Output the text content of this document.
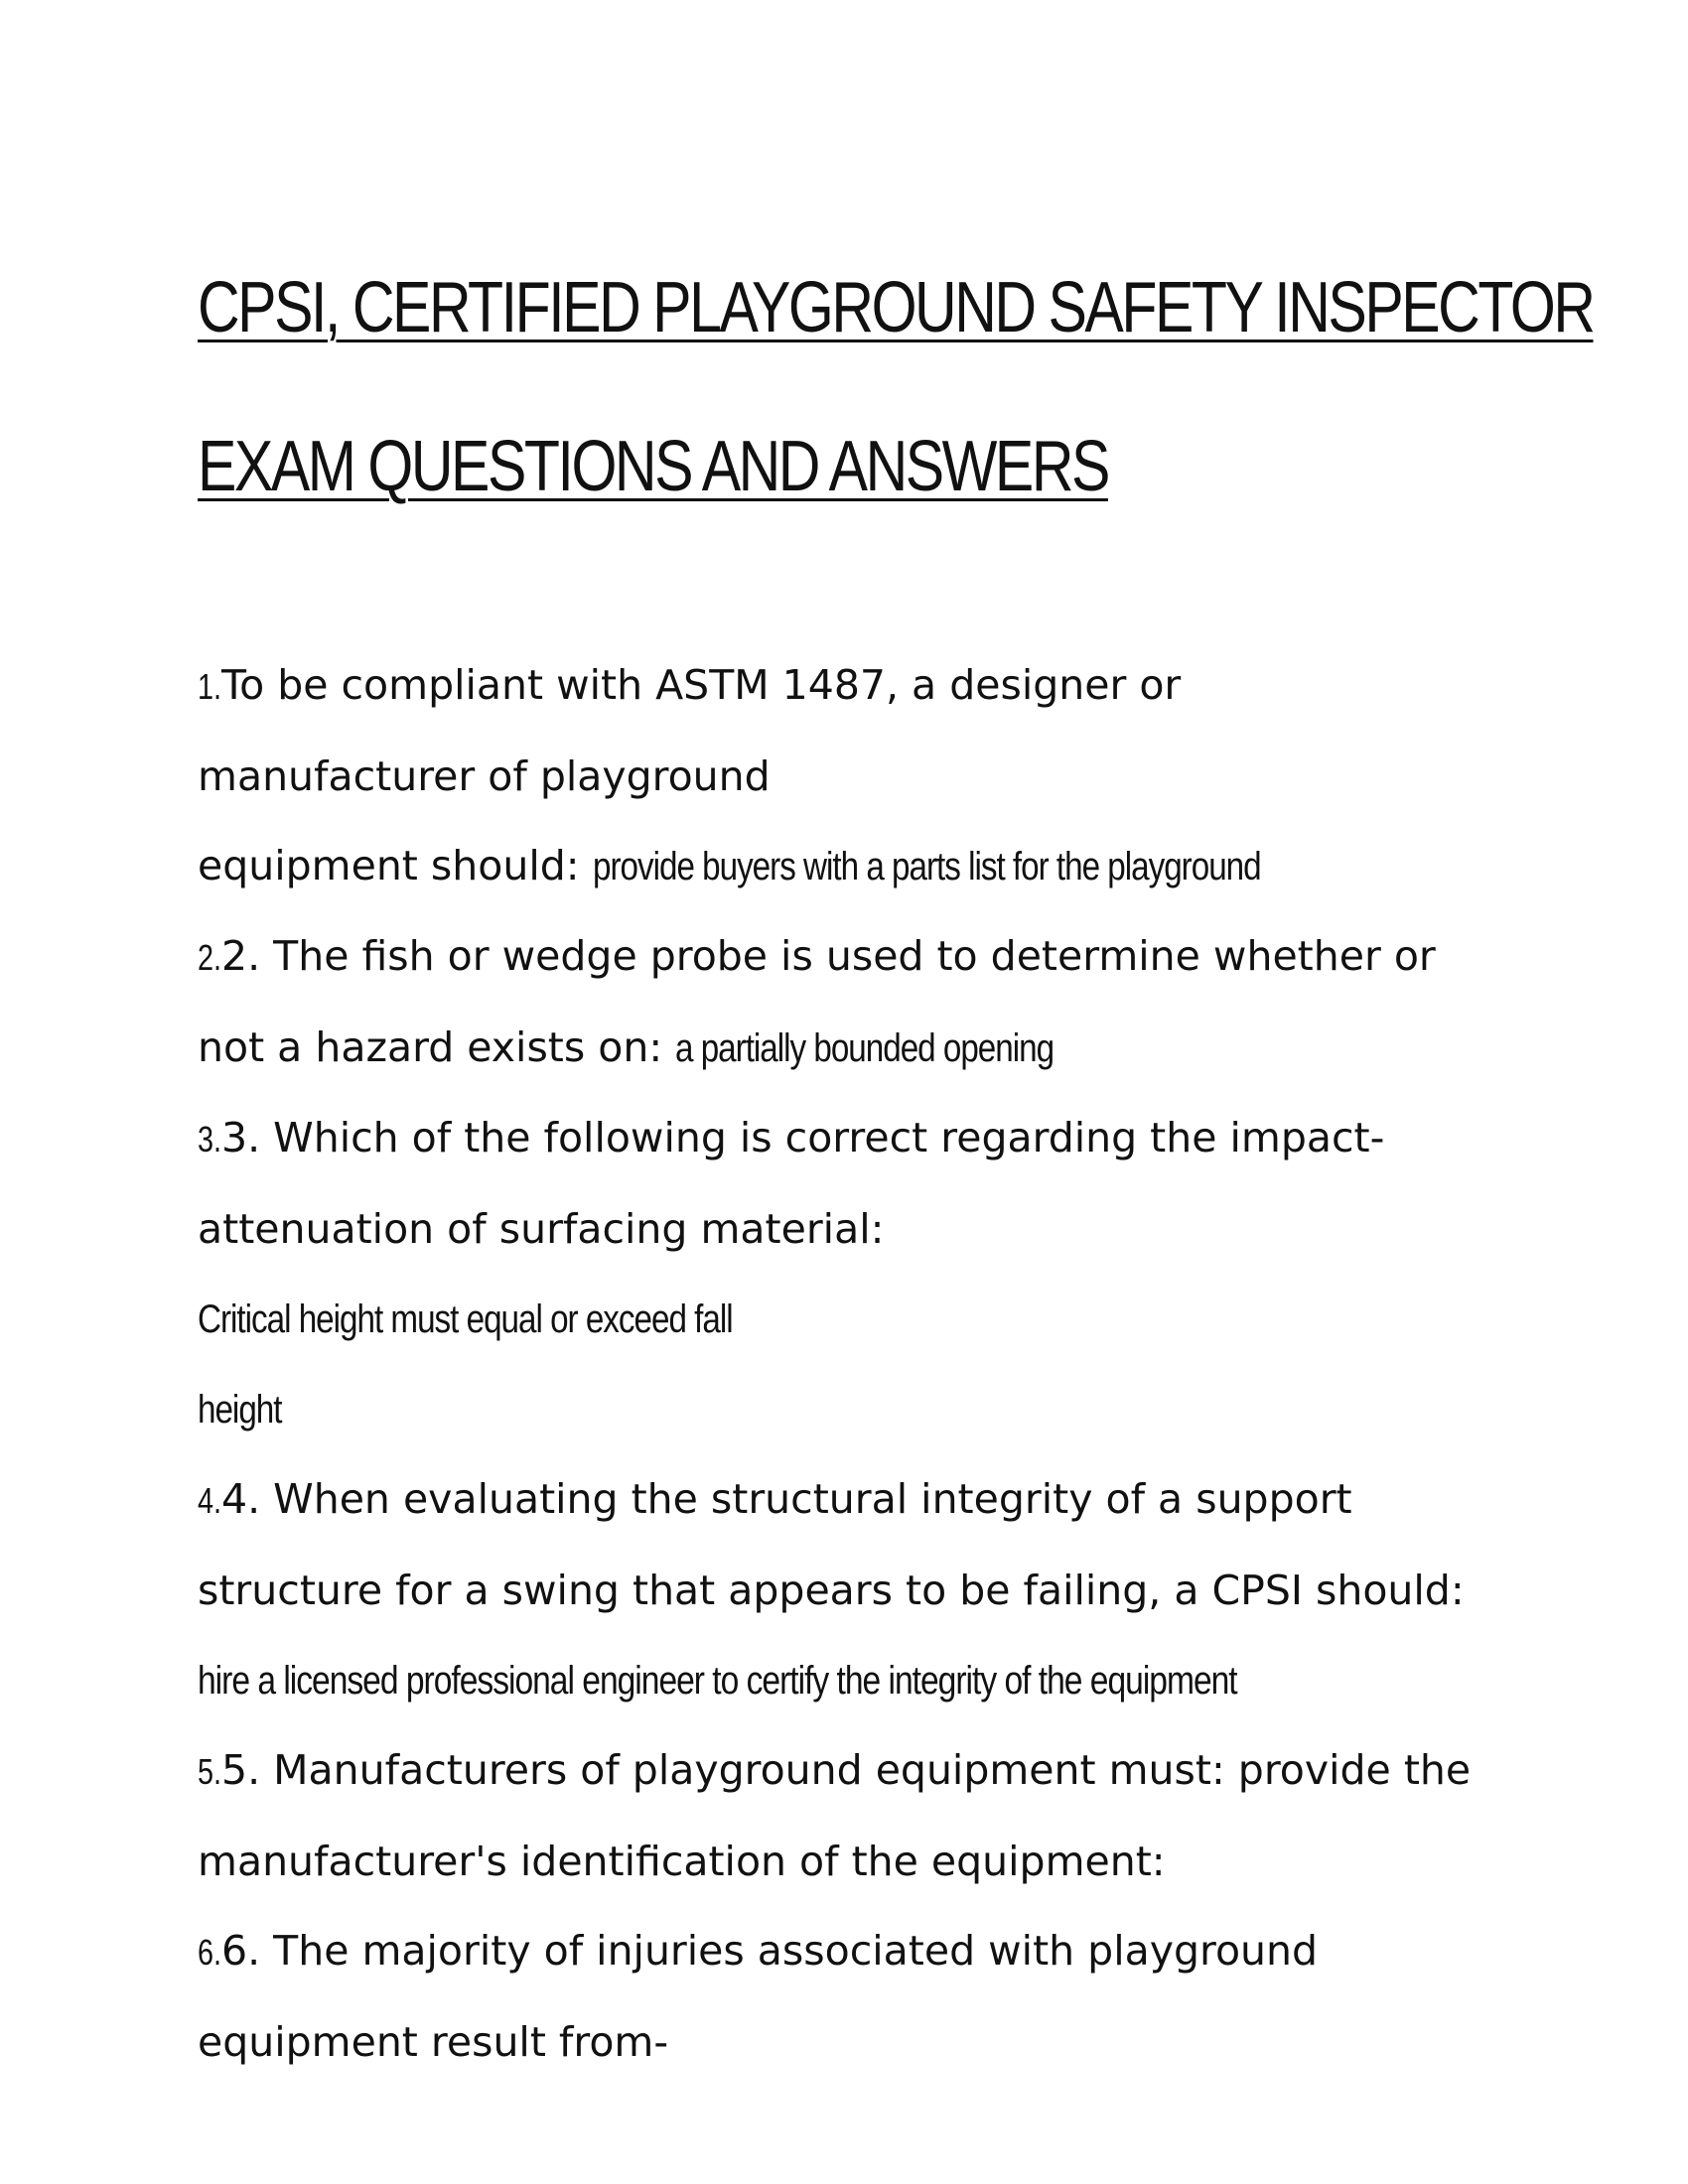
CPSI, CERTIFIED PLAYGROUND SAFETY INSPECTOR
EXAM QUESTIONS AND ANSWERS
1.To be compliant with ASTM 1487, a designer or
manufacturer of playground
equipment should: provide buyers with a parts list for the playground
2.2. The fish or wedge probe is used to determine whether or
not a hazard exists on: a partially bounded opening
3.3. Which of the following is correct regarding the impact-
attenuation of surfacing material: Critical height must equal or exceed fall
height
4.4. When evaluating the structural integrity of a support
structure for a swing that appears to be failing, a CPSI should:
hire a licensed professional engineer to certify the integrity of the equipment
5.5. Manufacturers of playground equipment must: provide the
manufacturer's identification of the equipment:
6.6. The majority of injuries associated with playground
equipment result from-
